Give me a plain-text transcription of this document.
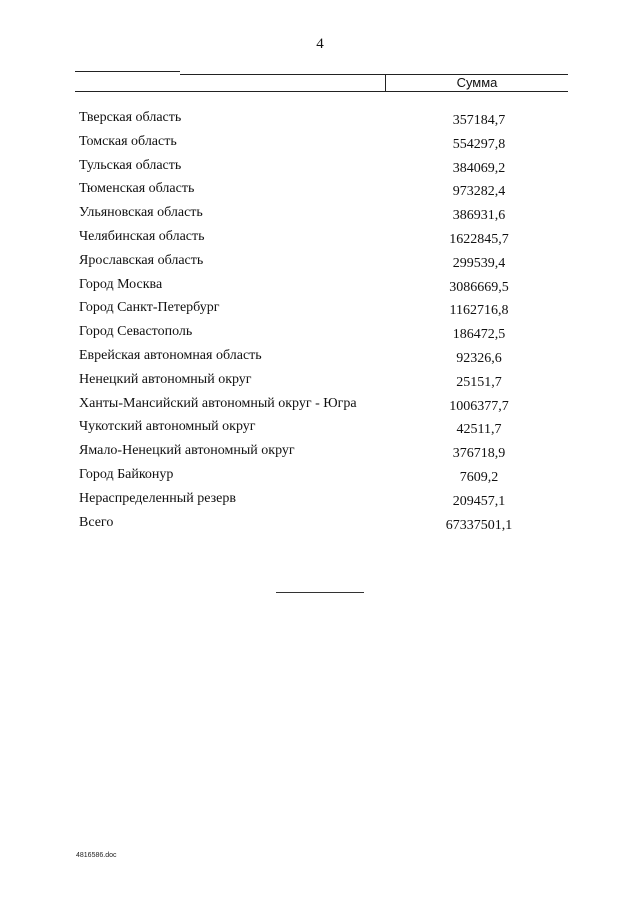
4
Сумма
Тверская область	357184,7
Томская область	554297,8
Тульская область	384069,2
Тюменская область	973282,4
Ульяновская область	386931,6
Челябинская область	1622845,7
Ярославская область	299539,4
Город Москва	3086669,5
Город Санкт-Петербург	1162716,8
Город Севастополь	186472,5
Еврейская автономная область	92326,6
Ненецкий автономный округ	25151,7
Ханты-Мансийский автономный округ - Югра	1006377,7
Чукотский автономный округ	42511,7
Ямало-Ненецкий автономный округ	376718,9
Город Байконур	7609,2
Нераспределенный резерв	209457,1
Всего	67337501,1
4816586.doc
